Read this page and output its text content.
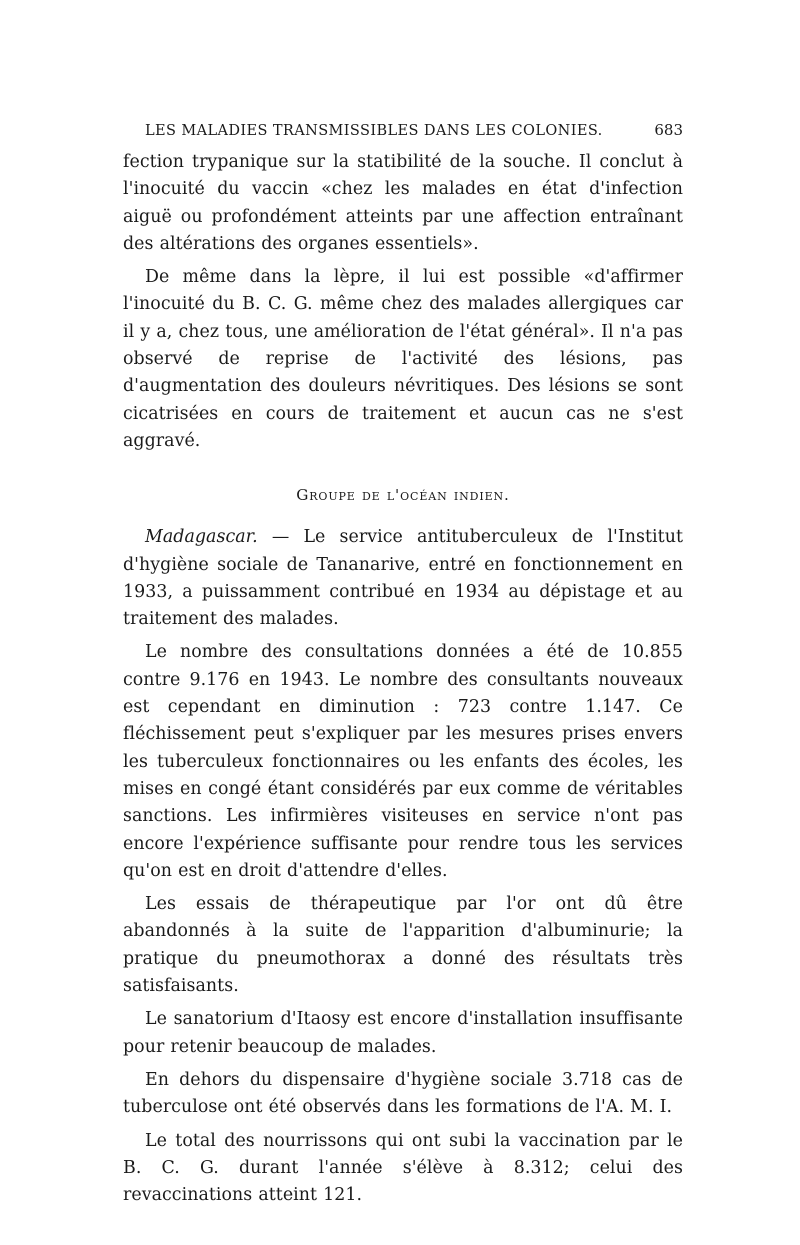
LES MALADIES TRANSMISSIBLES DANS LES COLONIES.	683

fection trypanique sur la statibilité de la souche. Il conclut à l'inocuité du vaccin «chez les malades en état d'infection aiguë ou profondément atteints par une affection entraînant des altérations des organes essentiels».

De même dans la lèpre, il lui est possible «d'affirmer l'inocuité du B. C. G. même chez des malades allergiques car il y a, chez tous, une amélioration de l'état général». Il n'a pas observé de reprise de l'activité des lésions, pas d'augmentation des douleurs névritiques. Des lésions se sont cicatrisées en cours de traitement et aucun cas ne s'est aggravé.

Groupe de l'océan indien.

Madagascar. — Le service antituberculeux de l'Institut d'hygiène sociale de Tananarive, entré en fonctionnement en 1933, a puissamment contribué en 1934 au dépistage et au traitement des malades.

Le nombre des consultations données a été de 10.855 contre 9.176 en 1943. Le nombre des consultants nouveaux est cependant en diminution : 723 contre 1.147. Ce fléchissement peut s'expliquer par les mesures prises envers les tuberculeux fonctionnaires ou les enfants des écoles, les mises en congé étant considérés par eux comme de véritables sanctions. Les infirmières visiteuses en service n'ont pas encore l'expérience suffisante pour rendre tous les services qu'on est en droit d'attendre d'elles.

Les essais de thérapeutique par l'or ont dû être abandonnés à la suite de l'apparition d'albuminurie; la pratique du pneumothorax a donné des résultats très satisfaisants.

Le sanatorium d'Itaosy est encore d'installation insuffisante pour retenir beaucoup de malades.

En dehors du dispensaire d'hygiène sociale 3.718 cas de tuberculose ont été observés dans les formations de l'A. M. I.

Le total des nourrissons qui ont subi la vaccination par le B. C. G. durant l'année s'élève à 8.312; celui des revaccinations atteint 121.
